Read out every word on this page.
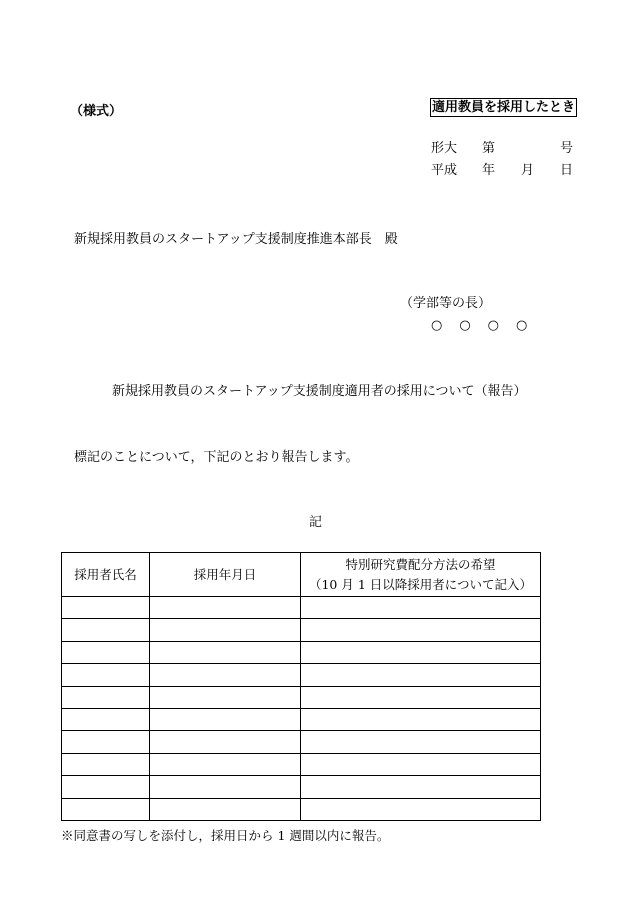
（様式）	適用教員を採用したとき
形大 第	号
平成 年 月 日
新規採用教員のスタートアップ支援制度推進本部長　殿
（学部等の長）
○　○　○　○
新規採用教員のスタートアップ支援制度適用者の採用について（報告）
標記のことについて，下記のとおり報告します。
記
採用者氏名	採用年月日	特別研究費配分方法の希望
（10 月 1 日以降採用者について記入）

※同意書の写しを添付し，採用日から 1 週間以内に報告。
